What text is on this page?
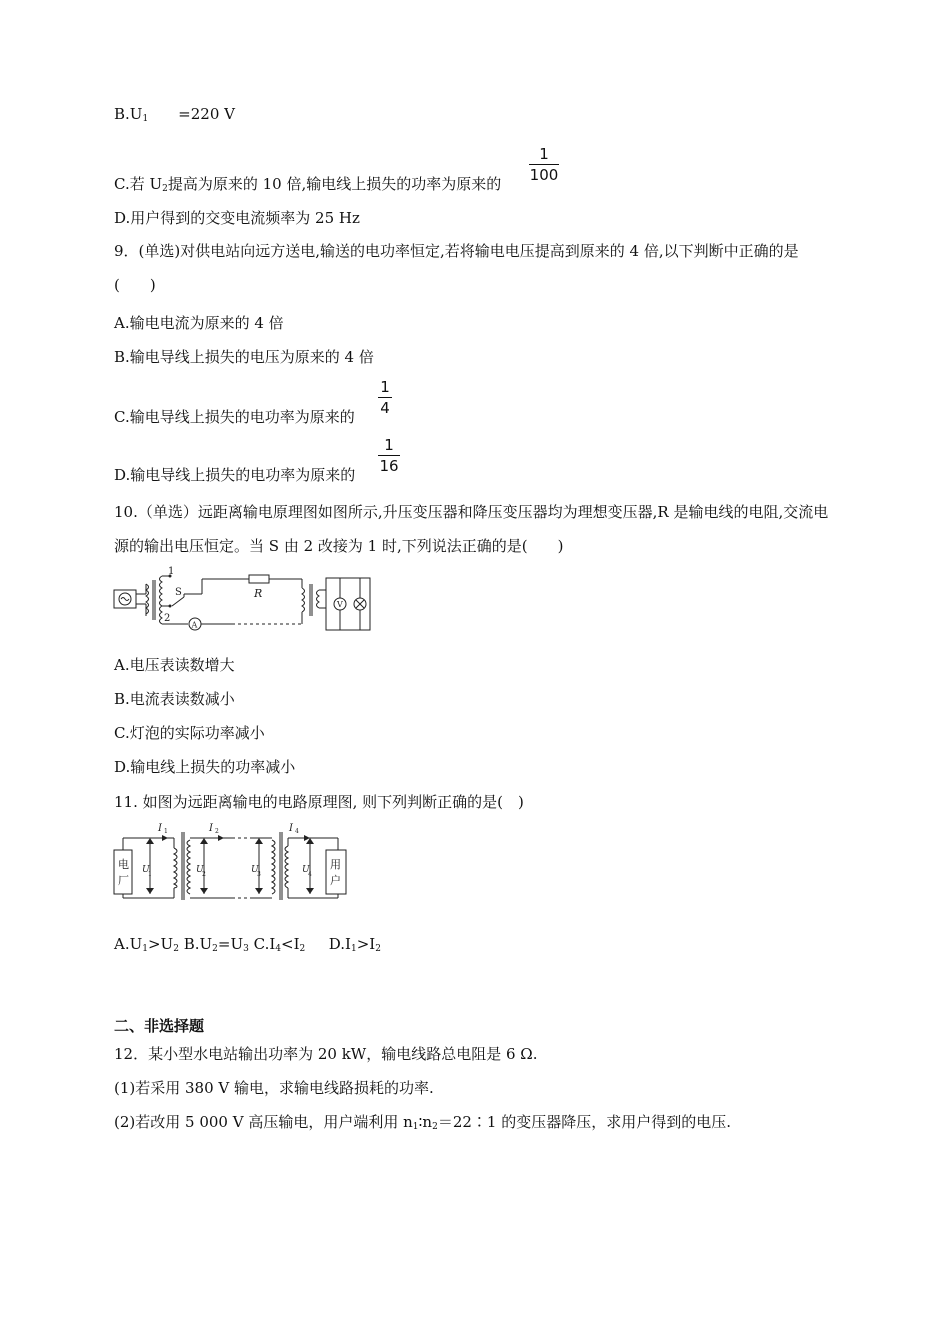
$B.U_1 =220$ V
C.若 $U_2$提高为原来的 10 倍,输电线上损失的功率为原来的
1
100
D.用户得到的交变电流频率为 25 Hz
9．(单选)对供电站向远方送电,输送的电功率恒定,若将输电电压提高到原来的 4 倍,以下判断中正确的是(　　)
A.输电电流为原来的 4 倍
B.输电导线上损失的电压为原来的 4 倍
C.输电导线上损失的电功率为原来的
1
4
D.输电导线上损失的电功率为原来的
1
16
10.（单选）远距离输电原理图如图所示,升压变压器和降压变压器均为理想变压器,R 是输电线的电阻,交流电源的输出电压恒定。当 S 由 2 改接为 1 时,下列说法正确的是(　　)
1
S
2
R
A
V
A.电压表读数增大
B.电流表读数减小
C.灯泡的实际功率减小
D.输电线上损失的功率减小
11. 如图为远距离输电的电路原理图, 则下列判断正确的是(　)
电
厂
用
户
I 1	I 2	I 4
U
1	U
2	U
3	U
4
$A.U_1>U_2$ $B.U_2=U_3$ $C.I_4<I_2$ $D.I_1>I_2$
二、非选择题
12．某小型水电站输出功率为 20 kW，输电线路总电阻是 6 Ω.
(1)若采用 380 V 输电，求输电线路损耗的功率.
(2)若改用 5 000 V 高压输电，用户端利用 $n_1∶n_2=22∶1$ 的变压器降压，求用户得到的电压.
